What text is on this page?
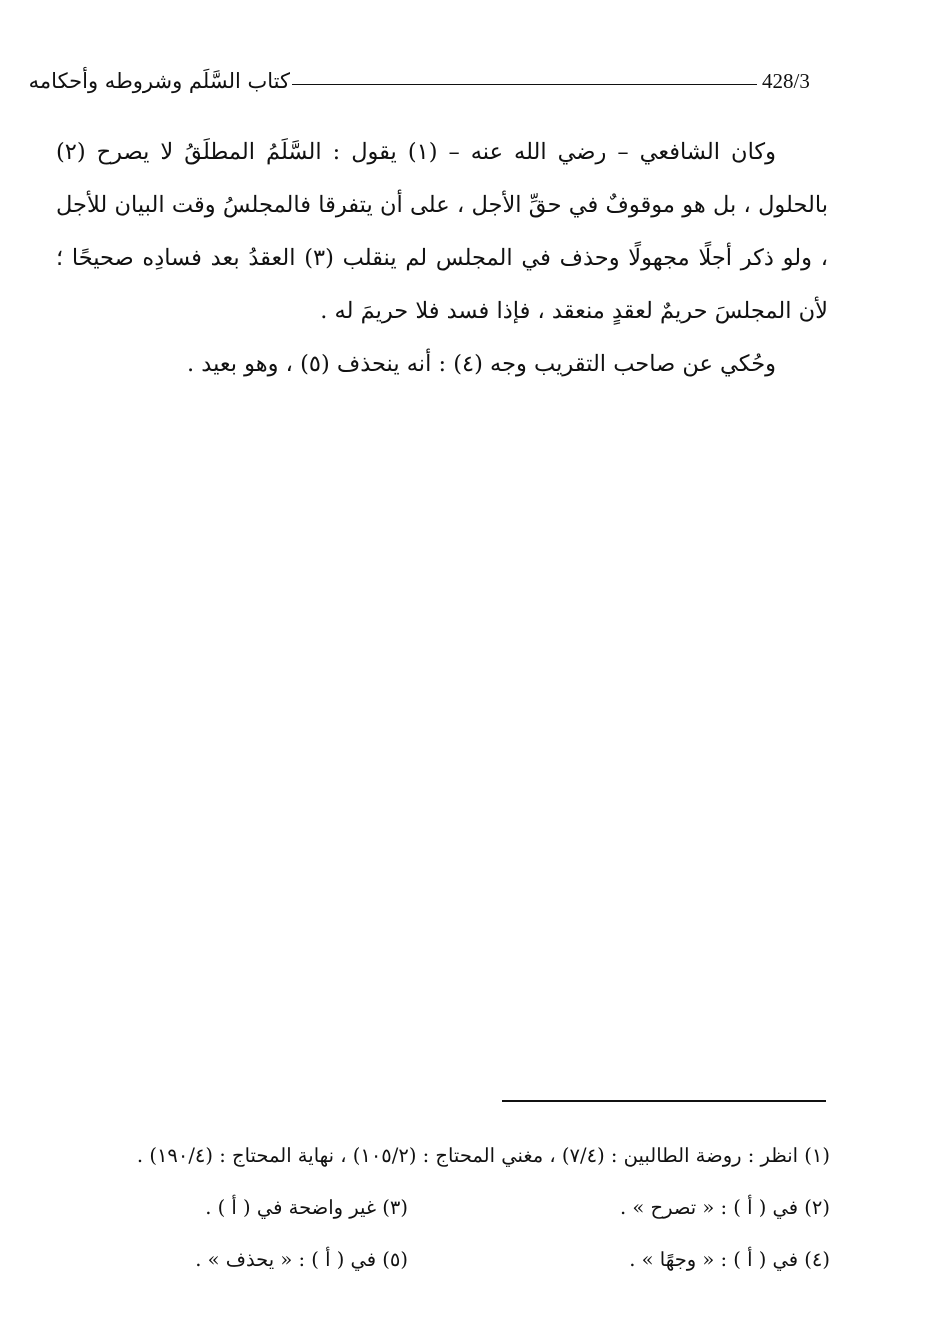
428/3
كتاب السَّلَم وشروطه وأحكامه

وكان الشافعي – رضي الله عنه – (١) يقول : السَّلَمُ المطلَقُ لا يصرح (٢) بالحلول ، بل هو موقوفٌ في حقِّ الأجل ، على أن يتفرقا فالمجلسُ وقت البيان للأجل ، ولو ذكر أجلًا مجهولًا وحذف في المجلس لم ينقلب (٣) العقدُ بعد فسادِه صحيحًا ؛ لأن المجلسَ حريمٌ لعقدٍ منعقد ، فإذا فسد فلا حريمَ له .

وحُكي عن صاحب التقريب وجه (٤) : أنه ينحذف (٥) ، وهو بعيد .

(١) انظر : روضة الطالبين : (٧/٤) ، مغني المحتاج : (١٠٥/٢) ، نهاية المحتاج : (١٩٠/٤) .
(٢) في ( أ ) : « تصرح » .
(٣) غير واضحة في ( أ ) .
(٤) في ( أ ) : « وجهًا » .
(٥) في ( أ ) : « يحذف » .
